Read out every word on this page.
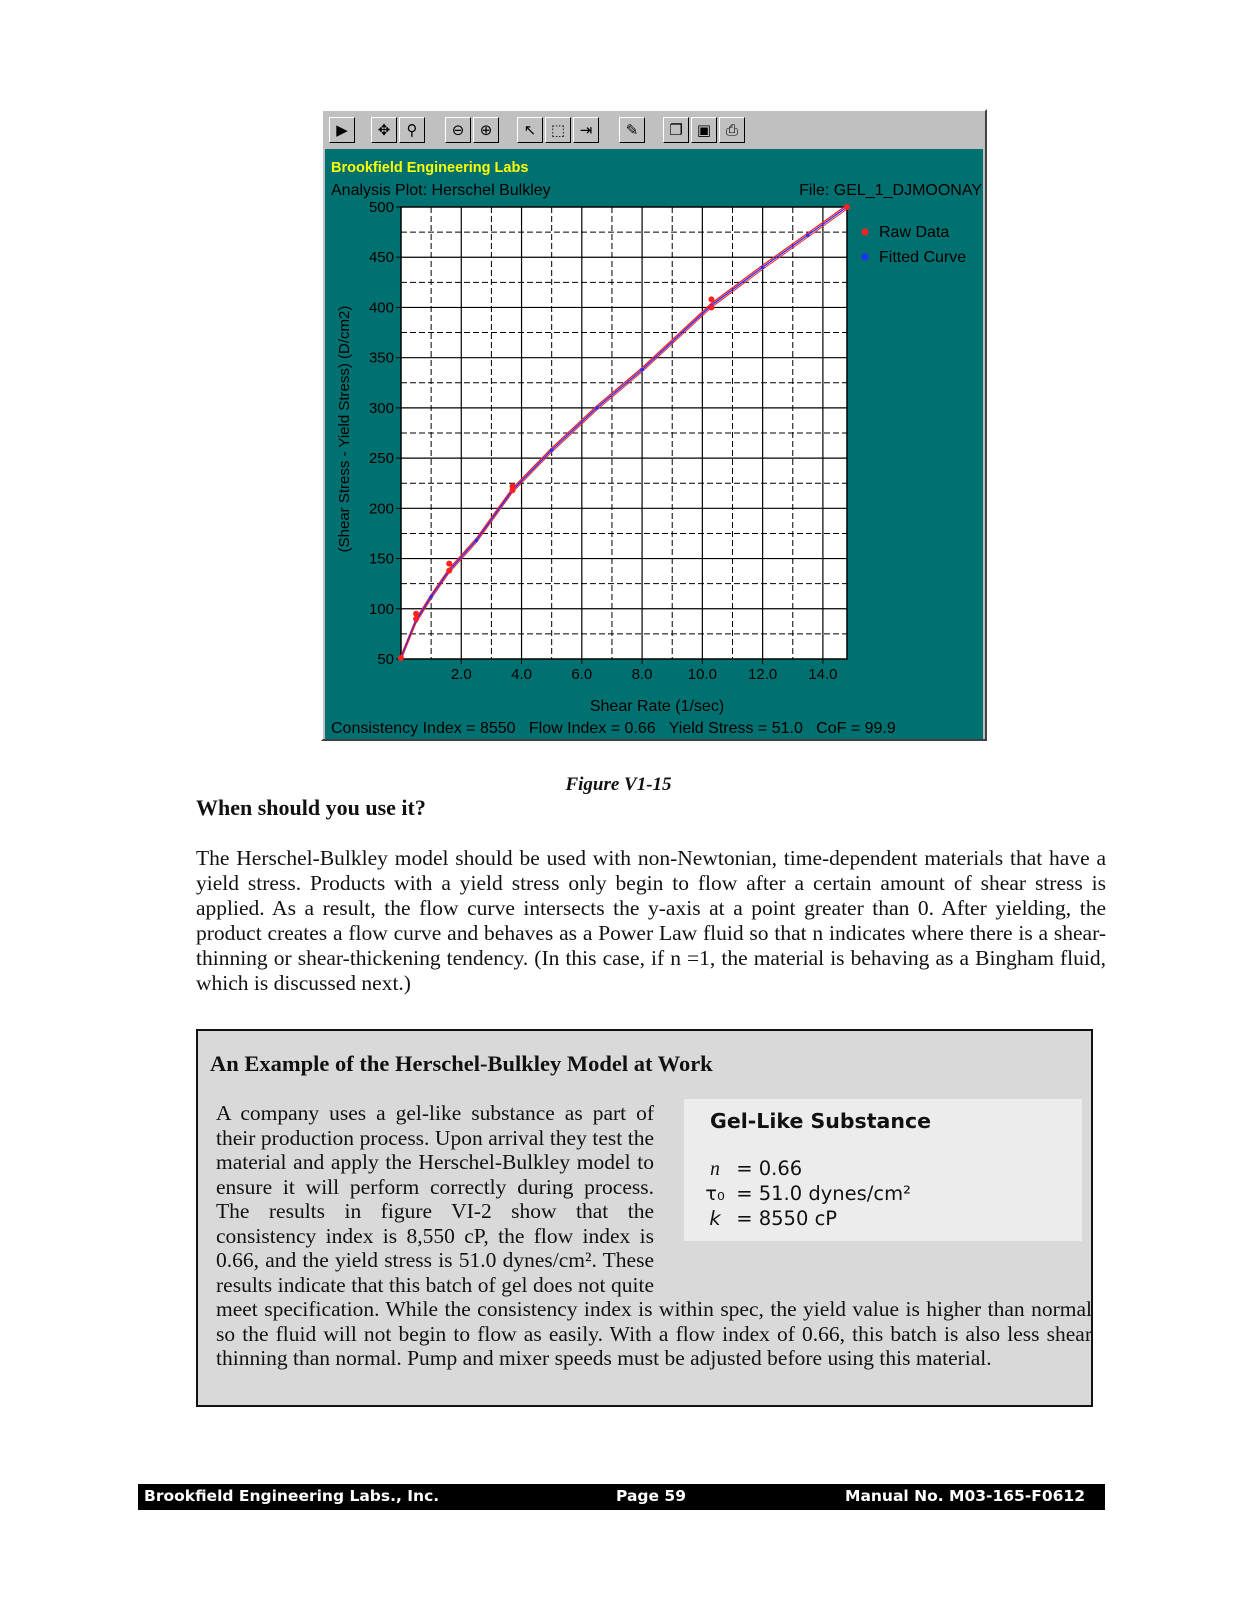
▶	✥	⚲	⊖	⊕	↖ ⬚ ⇥	✎	❐ ▣ ⎙
Brookfield Engineering Labs
Analysis Plot: Herschel Bulkley	File: GEL_1_DJMOONAY
2.0	4.0	6.0	8.0 10.0 12.0 14.0
50
100
150
200
250
300
350
400
450
500
Raw Data
Fitted Curve
Shear Rate (1/sec)
(Shear Stress - Yield Stress) (D/cm2)
Consistency Index = 8550   Flow Index = 0.66   Yield Stress = 51.0   CoF = 99.9
Figure V1-15
When should you use it?

The Herschel-Bulkley model should be used with non-Newtonian, time-dependent materials that have a yield stress. Products with a yield stress only begin to flow after a certain amount of shear stress is applied. As a result, the flow curve intersects the y-axis at a point greater than 0. After yielding, the product creates a flow curve and behaves as a Power Law fluid so that n indicates where there is a shear-thinning or shear-thickening tendency. (In this case, if n =1, the material is behaving as a Bingham fluid, which is discussed next.)

An Example of the Herschel-Bulkley Model at Work
Gel-Like Substance
n = 0.66
τ₀ = 51.0 dynes/cm²
k = 8550 cP

A company uses a gel-like substance as part of their production process. Upon arrival they test the material and apply the Herschel-Bulkley model to ensure it will perform correctly during process. The results in figure VI-2 show that the consistency index is 8,550 cP, the flow index is 0.66, and the yield stress is 51.0 dynes/cm². These results indicate that this batch of gel does not quite meet specification. While the consistency index is within spec, the yield value is higher than normal so the fluid will not begin to flow as easily. With a flow index of 0.66, this batch is also less shear thinning than normal. Pump and mixer speeds must be adjusted before using this material.

Brookfield Engineering Labs., Inc.	Page 59	Manual No. M03-165-F0612
